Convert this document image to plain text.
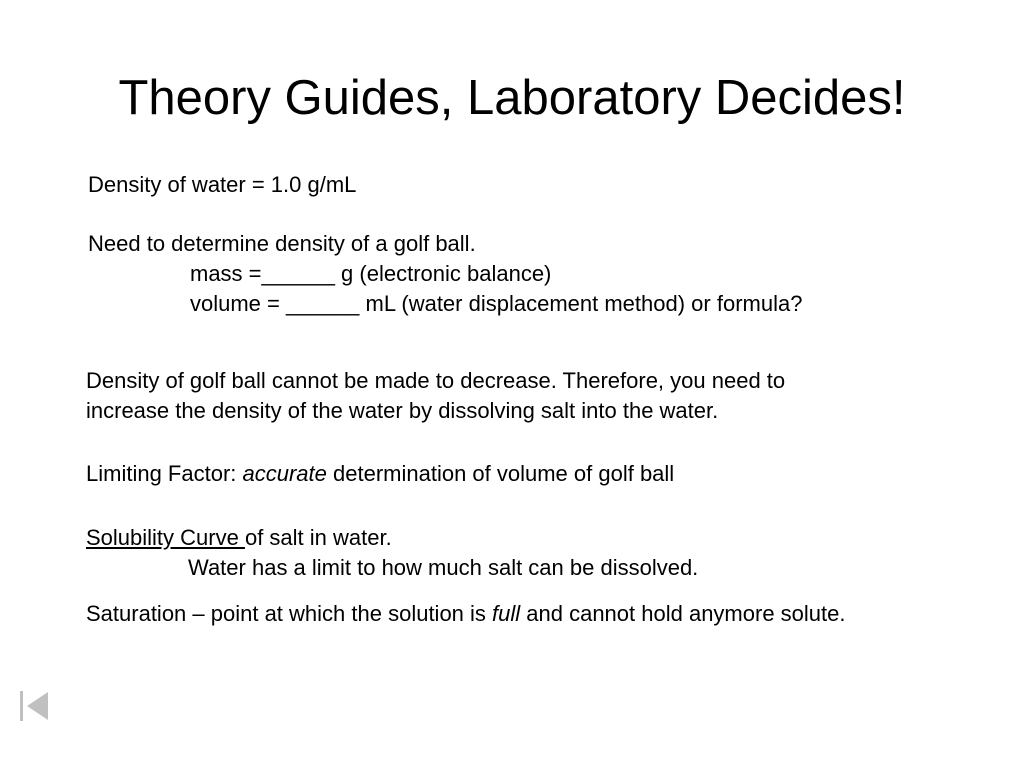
Theory Guides, Laboratory Decides!
Density of water = 1.0 g/mL
Need to determine density of a golf ball.
mass =______ g (electronic balance)
volume = ______ mL (water displacement method) or formula?
Density of golf ball cannot be made to decrease. Therefore, you need to
increase the density of the water by dissolving salt into the water.
Limiting Factor: accurate determination of volume of golf ball
Solubility Curve of salt in water.
Water has a limit to how much salt can be dissolved.
Saturation – point at which the solution is full and cannot hold anymore solute.
